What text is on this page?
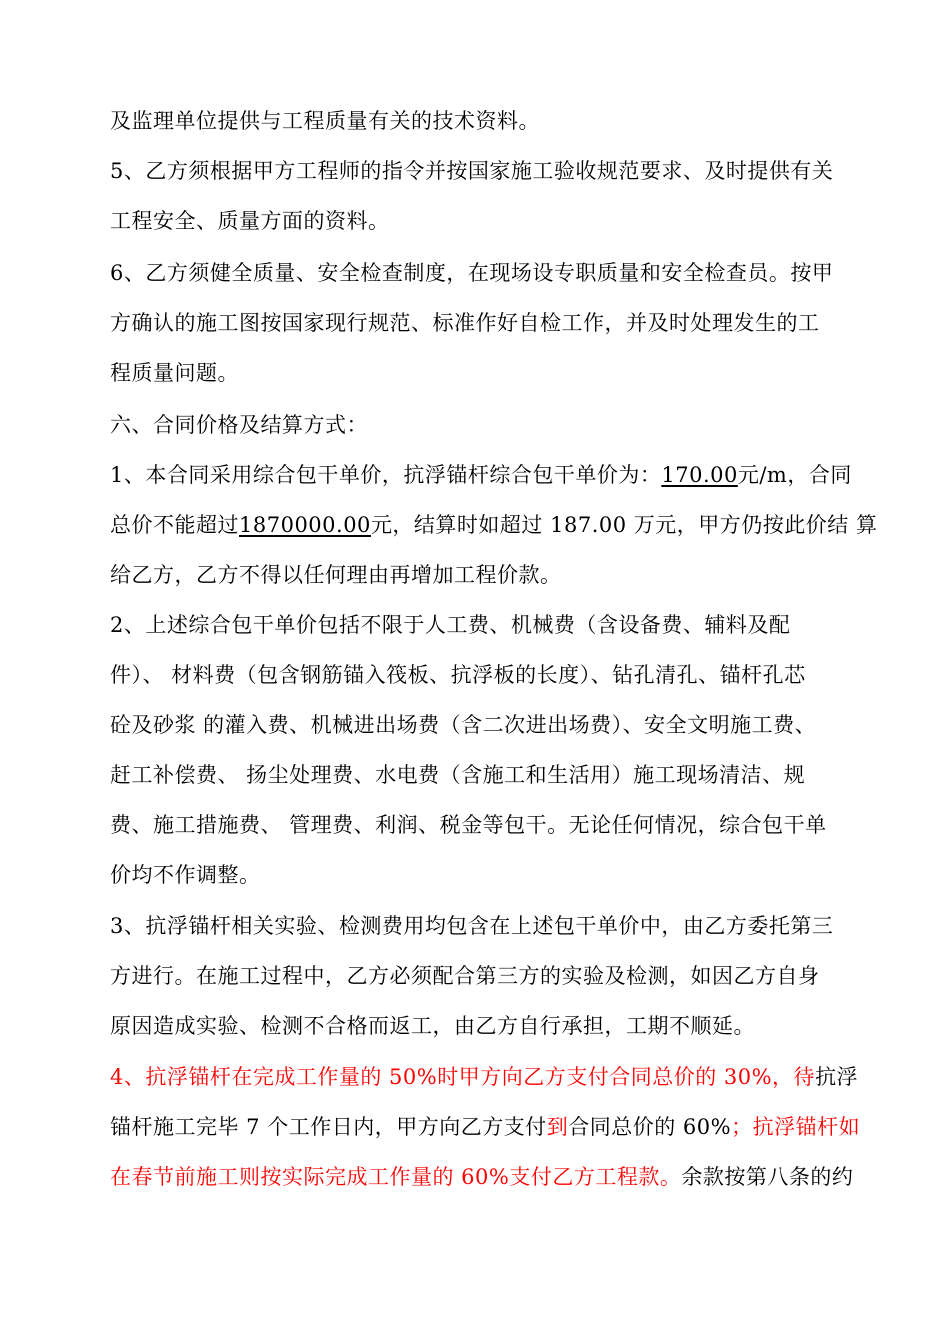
及监理单位提供与工程质量有关的技术资料。
5、乙方须根据甲方工程师的指令并按国家施工验收规范要求、及时提供有关
工程安全、质量方面的资料。
6、乙方须健全质量、安全检查制度，在现场设专职质量和安全检查员。按甲
方确认的施工图按国家现行规范、标准作好自检工作，并及时处理发生的工
程质量问题。
六、合同价格及结算方式：
1、本合同采用综合包干单价，抗浮锚杆综合包干单价为：170.00元/m，合同
总价不能超过1870000.00元，结算时如超过 187.00 万元，甲方仍按此价结 算
给乙方，乙方不得以任何理由再增加工程价款。
2、上述综合包干单价包括不限于人工费、机械费（含设备费、辅料及配
件）、 材料费（包含钢筋锚入筏板、抗浮板的长度）、钻孔清孔、锚杆孔芯
砼及砂浆 的灌入费、机械进出场费（含二次进出场费）、安全文明施工费、
赶工补偿费、 扬尘处理费、水电费（含施工和生活用）施工现场清洁、规
费、施工措施费、 管理费、利润、税金等包干。无论任何情况，综合包干单
价均不作调整。
3、抗浮锚杆相关实验、检测费用均包含在上述包干单价中，由乙方委托第三
方进行。在施工过程中，乙方必须配合第三方的实验及检测，如因乙方自身
原因造成实验、检测不合格而返工，由乙方自行承担，工期不顺延。
4、抗浮锚杆在完成工作量的 50%时甲方向乙方支付合同总价的 30%，待抗浮
锚杆施工完毕 7 个工作日内，甲方向乙方支付到合同总价的 60%；抗浮锚杆如
在春节前施工则按实际完成工作量的 60%支付乙方工程款。余款按第八条的约
